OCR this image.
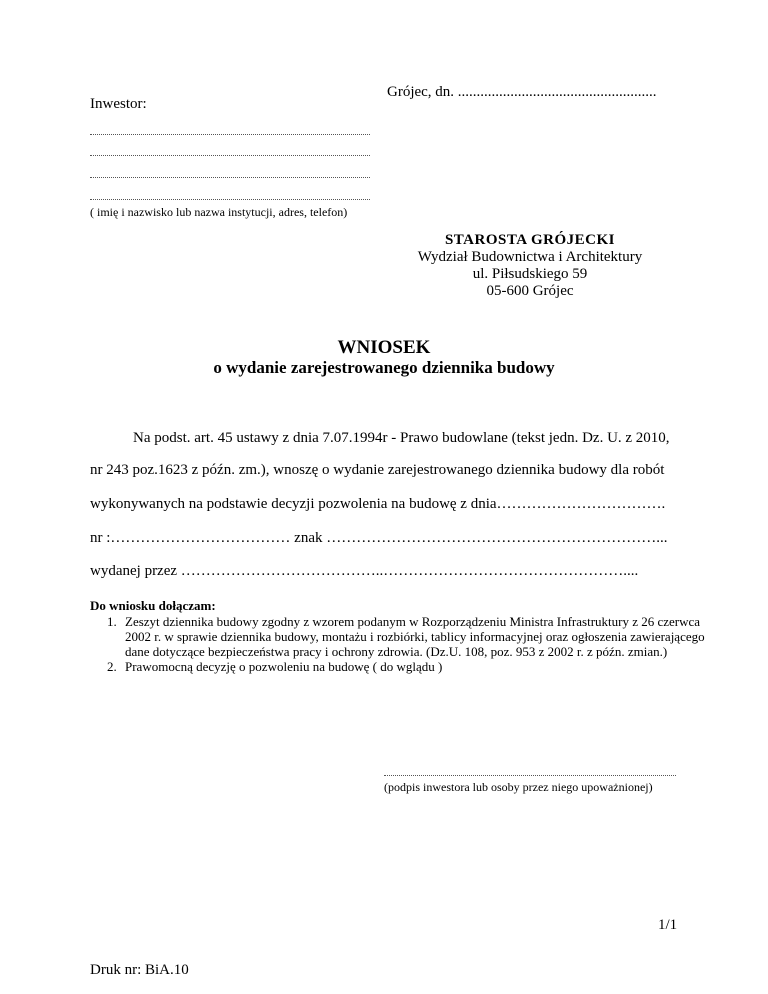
Grójec, dn. .....................................................
Inwestor:
( imię i nazwisko lub nazwa instytucji, adres, telefon)
STAROSTA GRÓJECKI
Wydział Budownictwa i Architektury
ul. Piłsudskiego 59
05-600 Grójec
WNIOSEK
o wydanie zarejestrowanego dziennika budowy
Na podst. art. 45 ustawy z dnia 7.07.1994r - Prawo budowlane (tekst jedn. Dz. U. z 2010,
nr 243 poz.1623 z późn. zm.), wnoszę o wydanie zarejestrowanego dziennika budowy dla robót
wykonywanych na podstawie decyzji pozwolenia na budowę z dnia…………………………….
nr :……………………………… znak …………………………………………………………...
wydanej przez …………………………………..…………………………………………....
Do wniosku dołączam:
1. Zeszyt dziennika budowy zgodny z wzorem podanym w Rozporządzeniu Ministra Infrastruktury z 26 czerwca 2002 r. w sprawie dziennika budowy, montażu i rozbiórki, tablicy informacyjnej oraz ogłoszenia zawierającego dane dotyczące bezpieczeństwa pracy i ochrony zdrowia. (Dz.U. 108, poz. 953 z 2002 r. z późn. zmian.)
2. Prawomocną decyzję o pozwoleniu na budowę ( do wglądu )
(podpis inwestora lub osoby przez niego upoważnionej)
1/1
Druk nr: BiA.10
